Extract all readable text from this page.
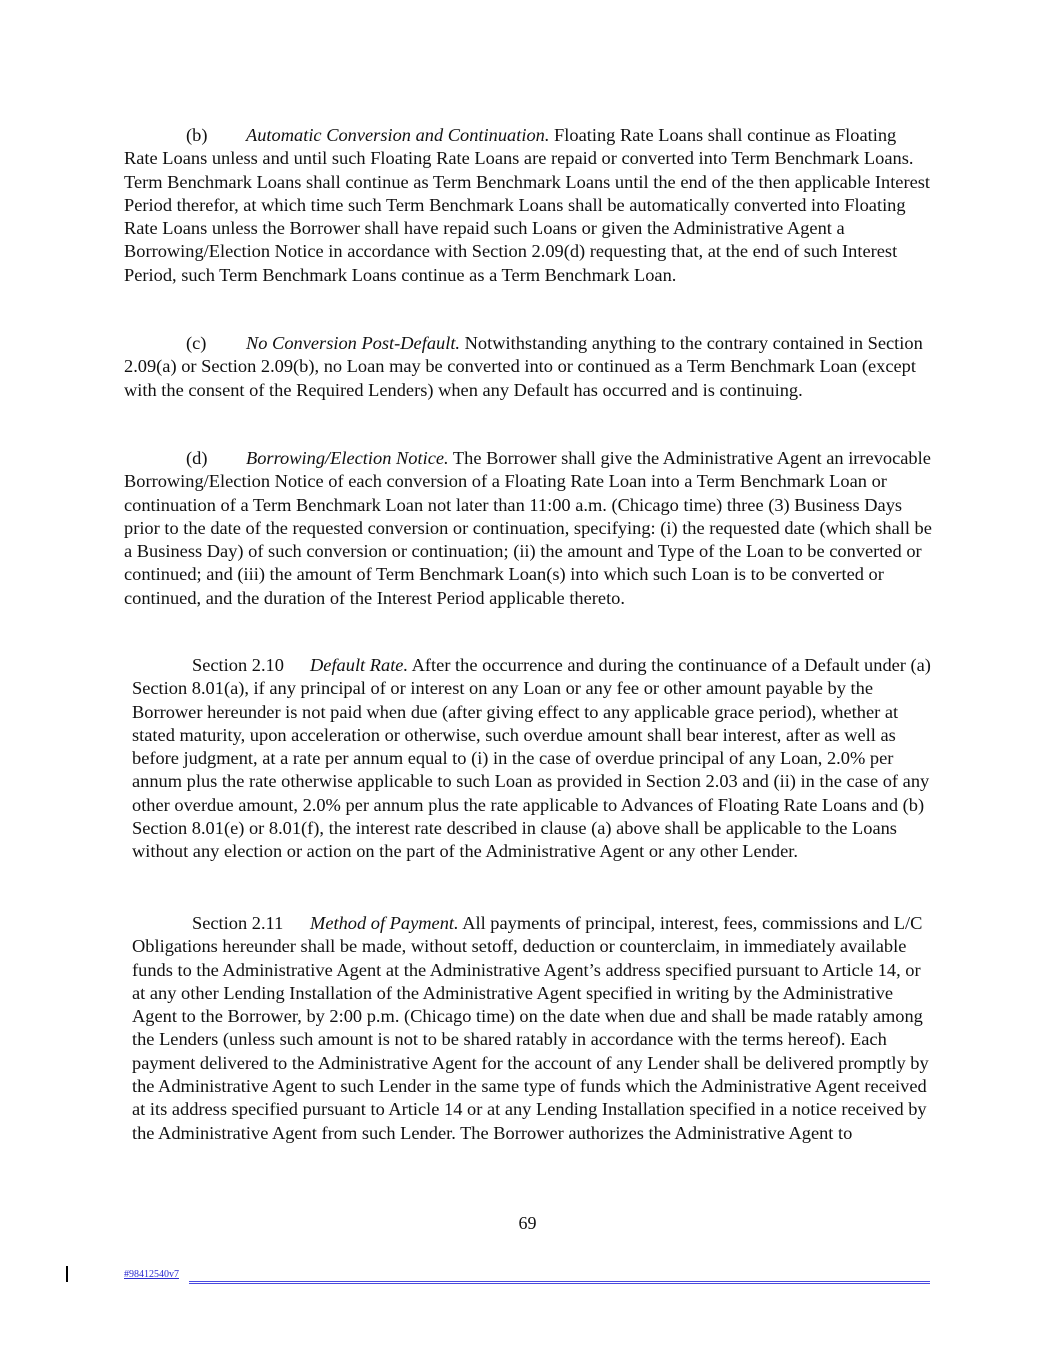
(b) Automatic Conversion and Continuation. Floating Rate Loans shall continue as Floating Rate Loans unless and until such Floating Rate Loans are repaid or converted into Term Benchmark Loans. Term Benchmark Loans shall continue as Term Benchmark Loans until the end of the then applicable Interest Period therefor, at which time such Term Benchmark Loans shall be automatically converted into Floating Rate Loans unless the Borrower shall have repaid such Loans or given the Administrative Agent a Borrowing/Election Notice in accordance with Section 2.09(d) requesting that, at the end of such Interest Period, such Term Benchmark Loans continue as a Term Benchmark Loan.

(c) No Conversion Post-Default. Notwithstanding anything to the contrary contained in Section 2.09(a) or Section 2.09(b), no Loan may be converted into or continued as a Term Benchmark Loan (except with the consent of the Required Lenders) when any Default has occurred and is continuing.

(d) Borrowing/Election Notice. The Borrower shall give the Administrative Agent an irrevocable Borrowing/Election Notice of each conversion of a Floating Rate Loan into a Term Benchmark Loan or continuation of a Term Benchmark Loan not later than 11:00 a.m. (Chicago time) three (3) Business Days prior to the date of the requested conversion or continuation, specifying: (i) the requested date (which shall be a Business Day) of such conversion or continuation; (ii) the amount and Type of the Loan to be converted or continued; and (iii) the amount of Term Benchmark Loan(s) into which such Loan is to be converted or continued, and the duration of the Interest Period applicable thereto.

Section 2.10 Default Rate. After the occurrence and during the continuance of a Default under (a) Section 8.01(a), if any principal of or interest on any Loan or any fee or other amount payable by the Borrower hereunder is not paid when due (after giving effect to any applicable grace period), whether at stated maturity, upon acceleration or otherwise, such overdue amount shall bear interest, after as well as before judgment, at a rate per annum equal to (i) in the case of overdue principal of any Loan, 2.0% per annum plus the rate otherwise applicable to such Loan as provided in Section 2.03 and (ii) in the case of any other overdue amount, 2.0% per annum plus the rate applicable to Advances of Floating Rate Loans and (b) Section 8.01(e) or 8.01(f), the interest rate described in clause (a) above shall be applicable to the Loans without any election or action on the part of the Administrative Agent or any other Lender.

Section 2.11 Method of Payment. All payments of principal, interest, fees, commissions and L/C Obligations hereunder shall be made, without setoff, deduction or counterclaim, in immediately available funds to the Administrative Agent at the Administrative Agent’s address specified pursuant to Article 14, or at any other Lending Installation of the Administrative Agent specified in writing by the Administrative Agent to the Borrower, by 2:00 p.m. (Chicago time) on the date when due and shall be made ratably among the Lenders (unless such amount is not to be shared ratably in accordance with the terms hereof). Each payment delivered to the Administrative Agent for the account of any Lender shall be delivered promptly by the Administrative Agent to such Lender in the same type of funds which the Administrative Agent received at its address specified pursuant to Article 14 or at any Lending Installation specified in a notice received by the Administrative Agent from such Lender. The Borrower authorizes the Administrative Agent to

69
#98412540v7
